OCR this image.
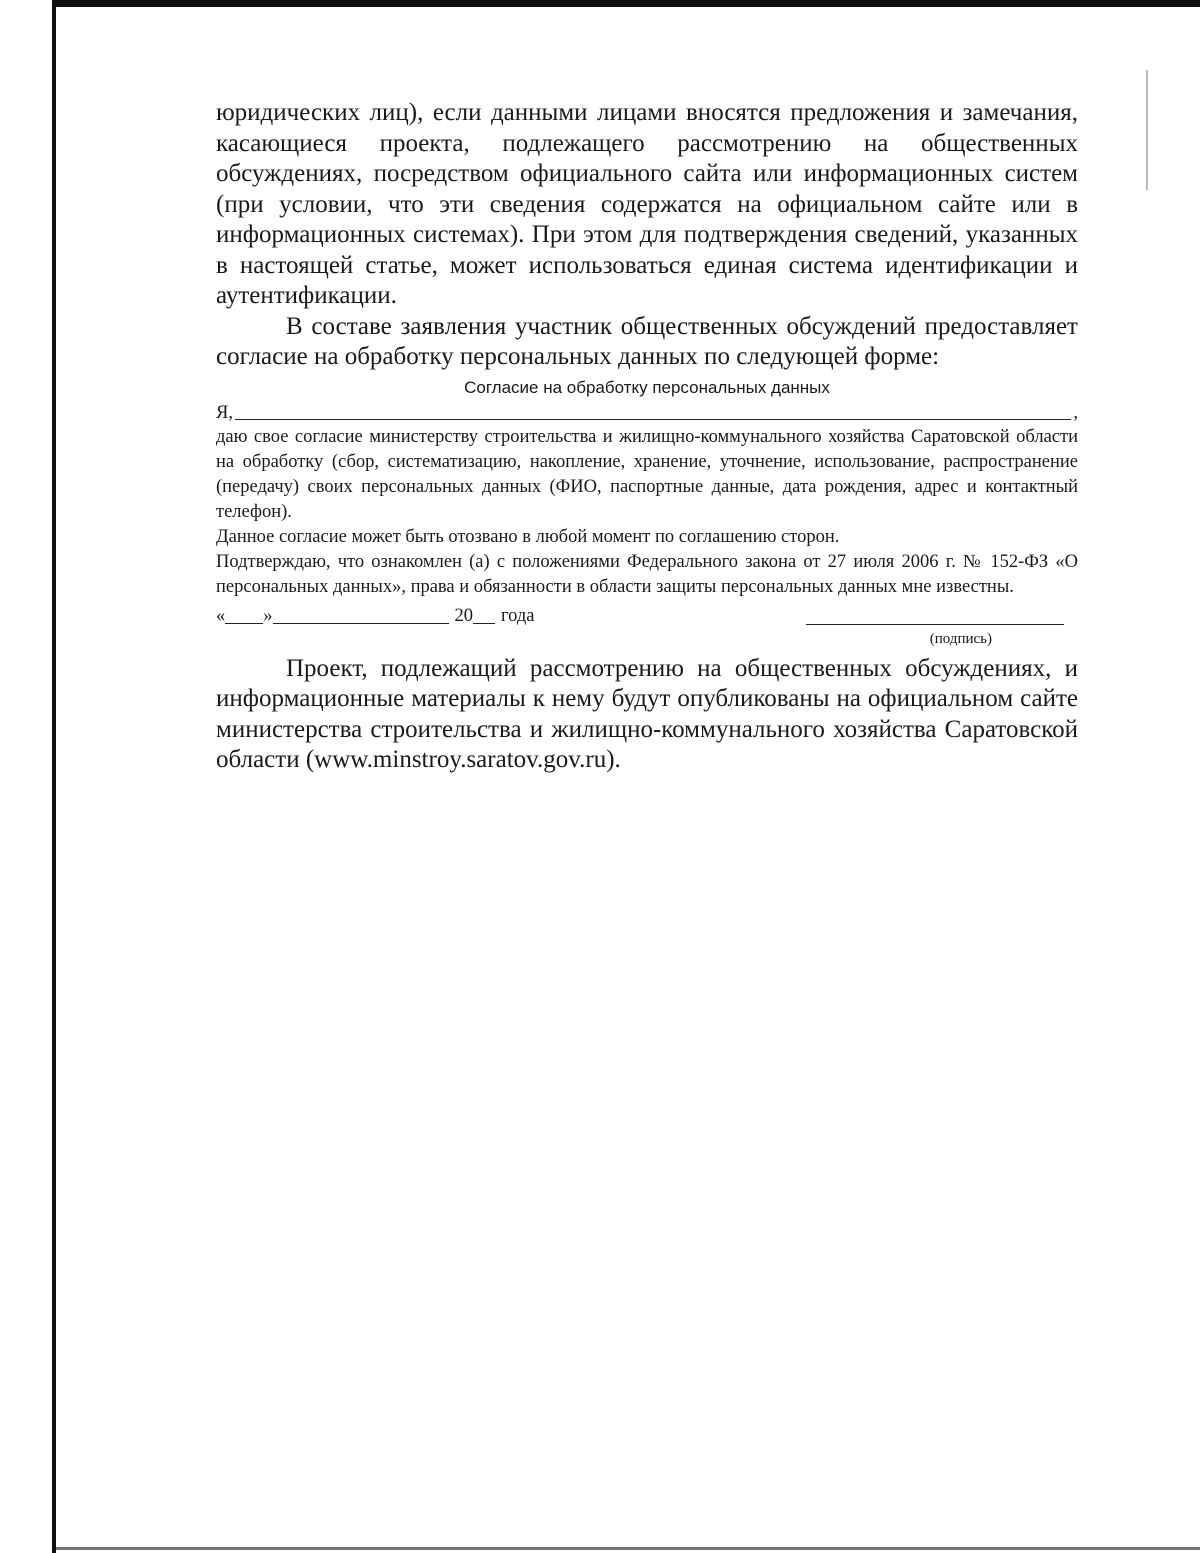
юридических лиц), если данными лицами вносятся предложения и замечания, касающиеся проекта, подлежащего рассмотрению на общественных обсуждениях, посредством официального сайта или информационных систем (при условии, что эти сведения содержатся на официальном сайте или в информационных системах). При этом для подтверждения сведений, указанных в настоящей статье, может использоваться единая система идентификации и аутентификации.

В составе заявления участник общественных обсуждений предоставляет согласие на обработку персональных данных по следующей форме:

Согласие на обработку персональных данных

Я,	,

даю свое согласие министерству строительства и жилищно-коммунального хозяйства Саратовской области на обработку (сбор, систематизацию, накопление, хранение, уточнение, использование, распространение (передачу) своих персональных данных (ФИО, паспортные данные, дата рождения, адрес и контактный телефон).

Данное согласие может быть отозвано в любой момент по соглашению сторон.

Подтверждаю, что ознакомлен (а) с положениями Федерального закона от 27 июля 2006 г. № 152-ФЗ «О персональных данных», права и обязанности в области защиты персональных данных мне известны.

« »	20 года

(подпись)

Проект, подлежащий рассмотрению на общественных обсуждениях, и информационные материалы к нему будут опубликованы на официальном сайте министерства строительства и жилищно-коммунального хозяйства Саратовской области (www.minstroy.saratov.gov.ru).
